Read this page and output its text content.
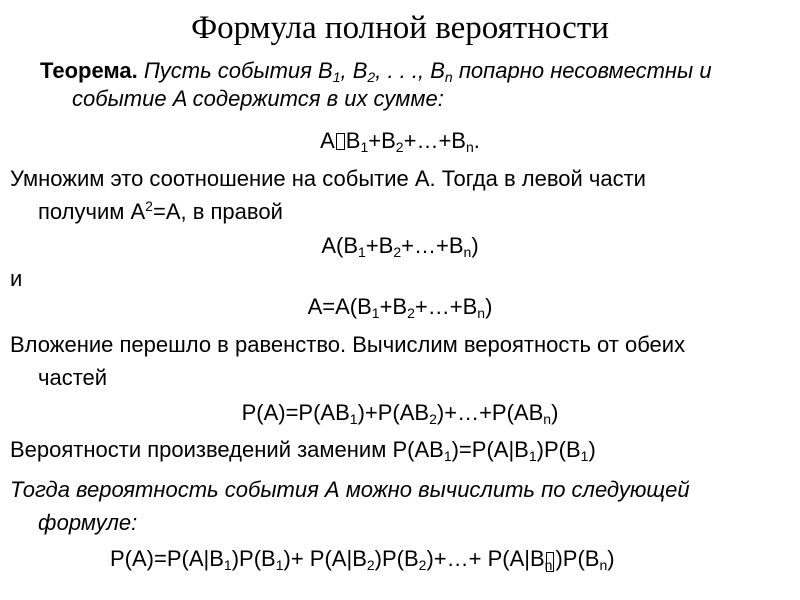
Формула полной вероятности
Теорема. Пусть события $B_1$, $B_2$, . . ., $B_n$ попарно несовместны и
событие A содержится в их сумме:
A $B_1+B_2+\dots+B_n$.
Умножим это соотношение на событие А. Тогда в левой части
получим $A^2=A$, в правой
$A(B_1+B_2+\dots+B_n)$
и
$A=A(B_1+B_2+\dots+B_n)$
Вложение перешло в равенство. Вычислим вероятность от обеих
частей
$P(A)=P(AB_1)+P(AB_2)+\dots+P(AB_n)$
Вероятности произведений заменим $P(AB_1)=P(A|B_1)P(B_1)$
Тогда вероятность события А можно вычислить по следующей
формуле:
$P(A)=P(A|B_1)P(B_1)+$ $P(A|B_2)P(B_2)+\dots+ P(A|B_n$ )$P(B_n)$
